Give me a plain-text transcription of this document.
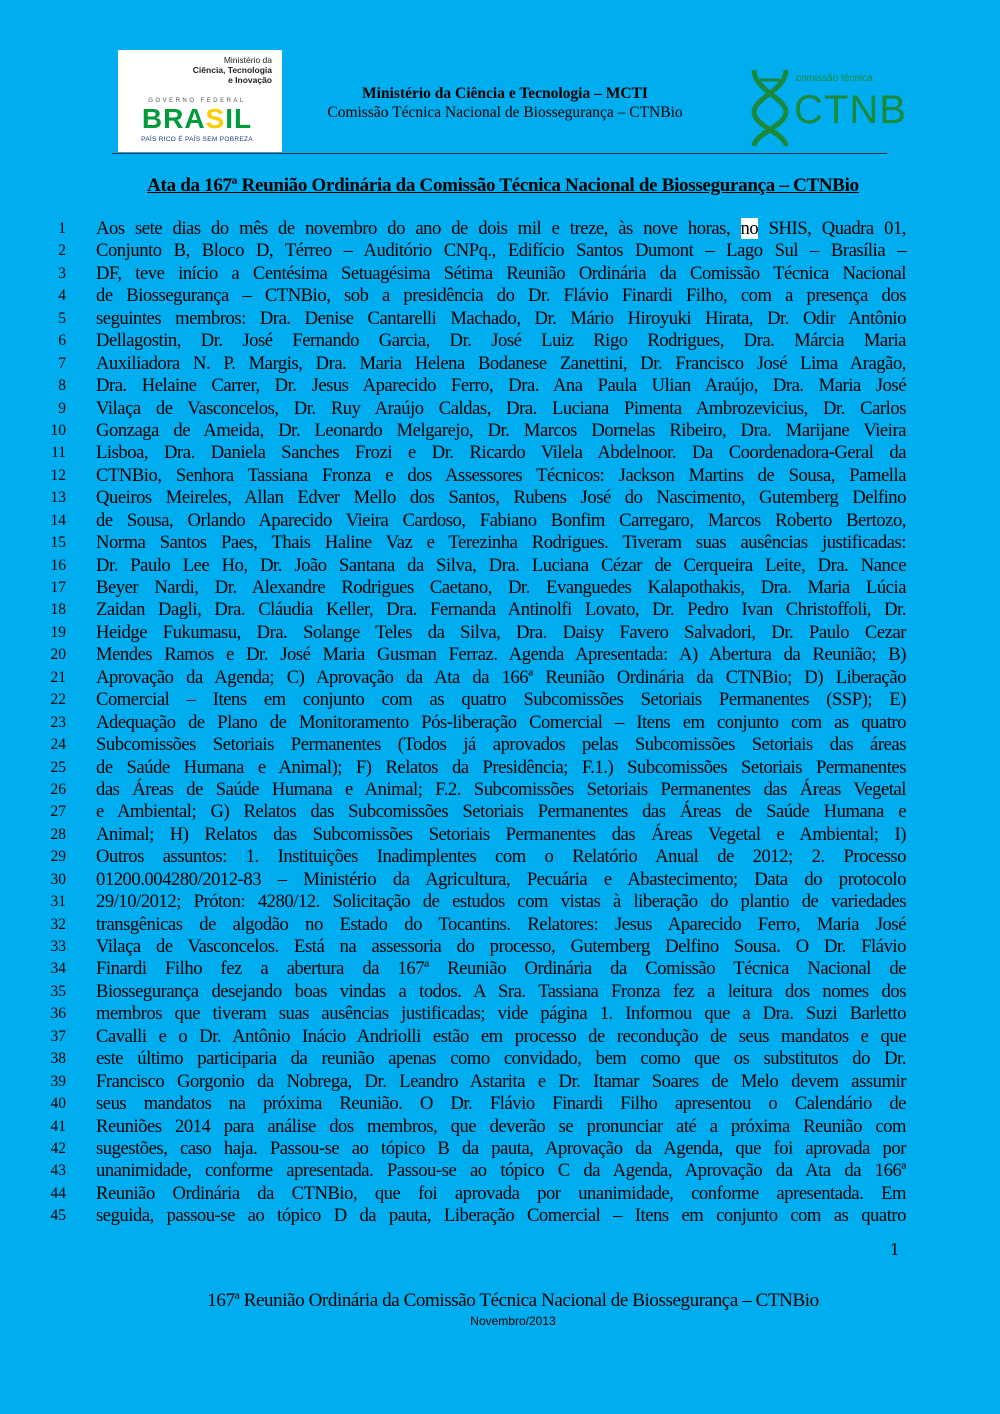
Ministério da
Ciência, Tecnologia
e Inovação
GOVERNO FEDERAL
BRASIL
PAÍS RICO É PAÍS SEM POBREZA
Ministério da Ciência e Tecnologia – MCTI
Comissão Técnica Nacional de Biossegurança – CTNBio
comissão técnica
CTNB
Ata da 167ª Reunião Ordinária da Comissão Técnica Nacional de Biossegurança – CTNBio
1 Aos sete dias do mês de novembro do ano de dois mil e treze, às nove horas, no SHIS, Quadra 01,
2 Conjunto B, Bloco D, Térreo – Auditório CNPq., Edifício Santos Dumont – Lago Sul – Brasília –
3 DF, teve início a Centésima Setuagésima Sétima Reunião Ordinária da Comissão Técnica Nacional
4 de Biossegurança – CTNBio, sob a presidência do Dr. Flávio Finardi Filho, com a presença dos
5 seguintes membros: Dra. Denise Cantarelli Machado, Dr. Mário Hiroyuki Hirata, Dr. Odir Antônio
6 Dellagostin, Dr. José Fernando Garcia, Dr. José Luiz Rigo Rodrigues, Dra. Márcia Maria
7 Auxiliadora N. P. Margis, Dra. Maria Helena Bodanese Zanettini, Dr. Francisco José Lima Aragão,
8 Dra. Helaine Carrer, Dr. Jesus Aparecido Ferro, Dra. Ana Paula Ulian Araújo, Dra. Maria José
9 Vilaça de Vasconcelos, Dr. Ruy Araújo Caldas, Dra. Luciana Pimenta Ambrozevicius, Dr. Carlos
10 Gonzaga de Ameida, Dr. Leonardo Melgarejo, Dr. Marcos Dornelas Ribeiro, Dra. Marijane Vieira
11 Lisboa, Dra. Daniela Sanches Frozi e Dr. Ricardo Vilela Abdelnoor. Da Coordenadora-Geral da
12 CTNBio, Senhora Tassiana Fronza e dos Assessores Técnicos: Jackson Martins de Sousa, Pamella
13 Queiros Meireles, Allan Edver Mello dos Santos, Rubens José do Nascimento, Gutemberg Delfino
14 de Sousa, Orlando Aparecido Vieira Cardoso, Fabiano Bonfim Carregaro, Marcos Roberto Bertozo,
15 Norma Santos Paes, Thais Haline Vaz e Terezinha Rodrigues. Tiveram suas ausências justificadas:
16 Dr. Paulo Lee Ho, Dr. João Santana da Silva, Dra. Luciana Cézar de Cerqueira Leite, Dra. Nance
17 Beyer Nardi, Dr. Alexandre Rodrigues Caetano, Dr. Evanguedes Kalapothakis, Dra. Maria Lúcia
18 Zaidan Dagli, Dra. Cláudia Keller, Dra. Fernanda Antinolfi Lovato, Dr. Pedro Ivan Christoffoli, Dr.
19 Heidge Fukumasu, Dra. Solange Teles da Silva, Dra. Daisy Favero Salvadori, Dr. Paulo Cezar
20 Mendes Ramos e Dr. José Maria Gusman Ferraz. Agenda Apresentada: A) Abertura da Reunião; B)
21 Aprovação da Agenda; C) Aprovação da Ata da 166ª Reunião Ordinária da CTNBio; D) Liberação
22 Comercial – Itens em conjunto com as quatro Subcomissões Setoriais Permanentes (SSP); E)
23 Adequação de Plano de Monitoramento Pós-liberação Comercial – Itens em conjunto com as quatro
24 Subcomissões Setoriais Permanentes (Todos já aprovados pelas Subcomissões Setoriais das áreas
25 de Saúde Humana e Animal); F) Relatos da Presidência; F.1.) Subcomissões Setoriais Permanentes
26 das Áreas de Saúde Humana e Animal; F.2. Subcomissões Setoriais Permanentes das Áreas Vegetal
27 e Ambiental; G) Relatos das Subcomissões Setoriais Permanentes das Áreas de Saúde Humana e
28 Animal; H) Relatos das Subcomissões Setoriais Permanentes das Áreas Vegetal e Ambiental; I)
29 Outros assuntos: 1. Instituições Inadimplentes com o Relatório Anual de 2012; 2. Processo
30 01200.004280/2012-83 – Ministério da Agricultura, Pecuária e Abastecimento; Data do protocolo
31 29/10/2012; Próton: 4280/12. Solicitação de estudos com vistas à liberação do plantio de variedades
32 transgênicas de algodão no Estado do Tocantins. Relatores: Jesus Aparecido Ferro, Maria José
33 Vilaça de Vasconcelos. Está na assessoria do processo, Gutemberg Delfino Sousa. O Dr. Flávio
34 Finardi Filho fez a abertura da 167ª Reunião Ordinária da Comissão Técnica Nacional de
35 Biossegurança desejando boas vindas a todos. A Sra. Tassiana Fronza fez a leitura dos nomes dos
36 membros que tiveram suas ausências justificadas; vide página 1. Informou que a Dra. Suzi Barletto
37 Cavalli e o Dr. Antônio Inácio Andriolli estão em processo de recondução de seus mandatos e que
38 este último participaria da reunião apenas como convidado, bem como que os substitutos do Dr.
39 Francisco Gorgonio da Nobrega, Dr. Leandro Astarita e Dr. Itamar Soares de Melo devem assumir
40 seus mandatos na próxima Reunião. O Dr. Flávio Finardi Filho apresentou o Calendário de
41 Reuniões 2014 para análise dos membros, que deverão se pronunciar até a próxima Reunião com
42 sugestões, caso haja. Passou-se ao tópico B da pauta, Aprovação da Agenda, que foi aprovada por
43 unanimidade, conforme apresentada. Passou-se ao tópico C da Agenda, Aprovação da Ata da 166ª
44 Reunião Ordinária da CTNBio, que foi aprovada por unanimidade, conforme apresentada. Em
45 seguida, passou-se ao tópico D da pauta, Liberação Comercial – Itens em conjunto com as quatro
1
167ª Reunião Ordinária da Comissão Técnica Nacional de Biossegurança – CTNBio
Novembro/2013
